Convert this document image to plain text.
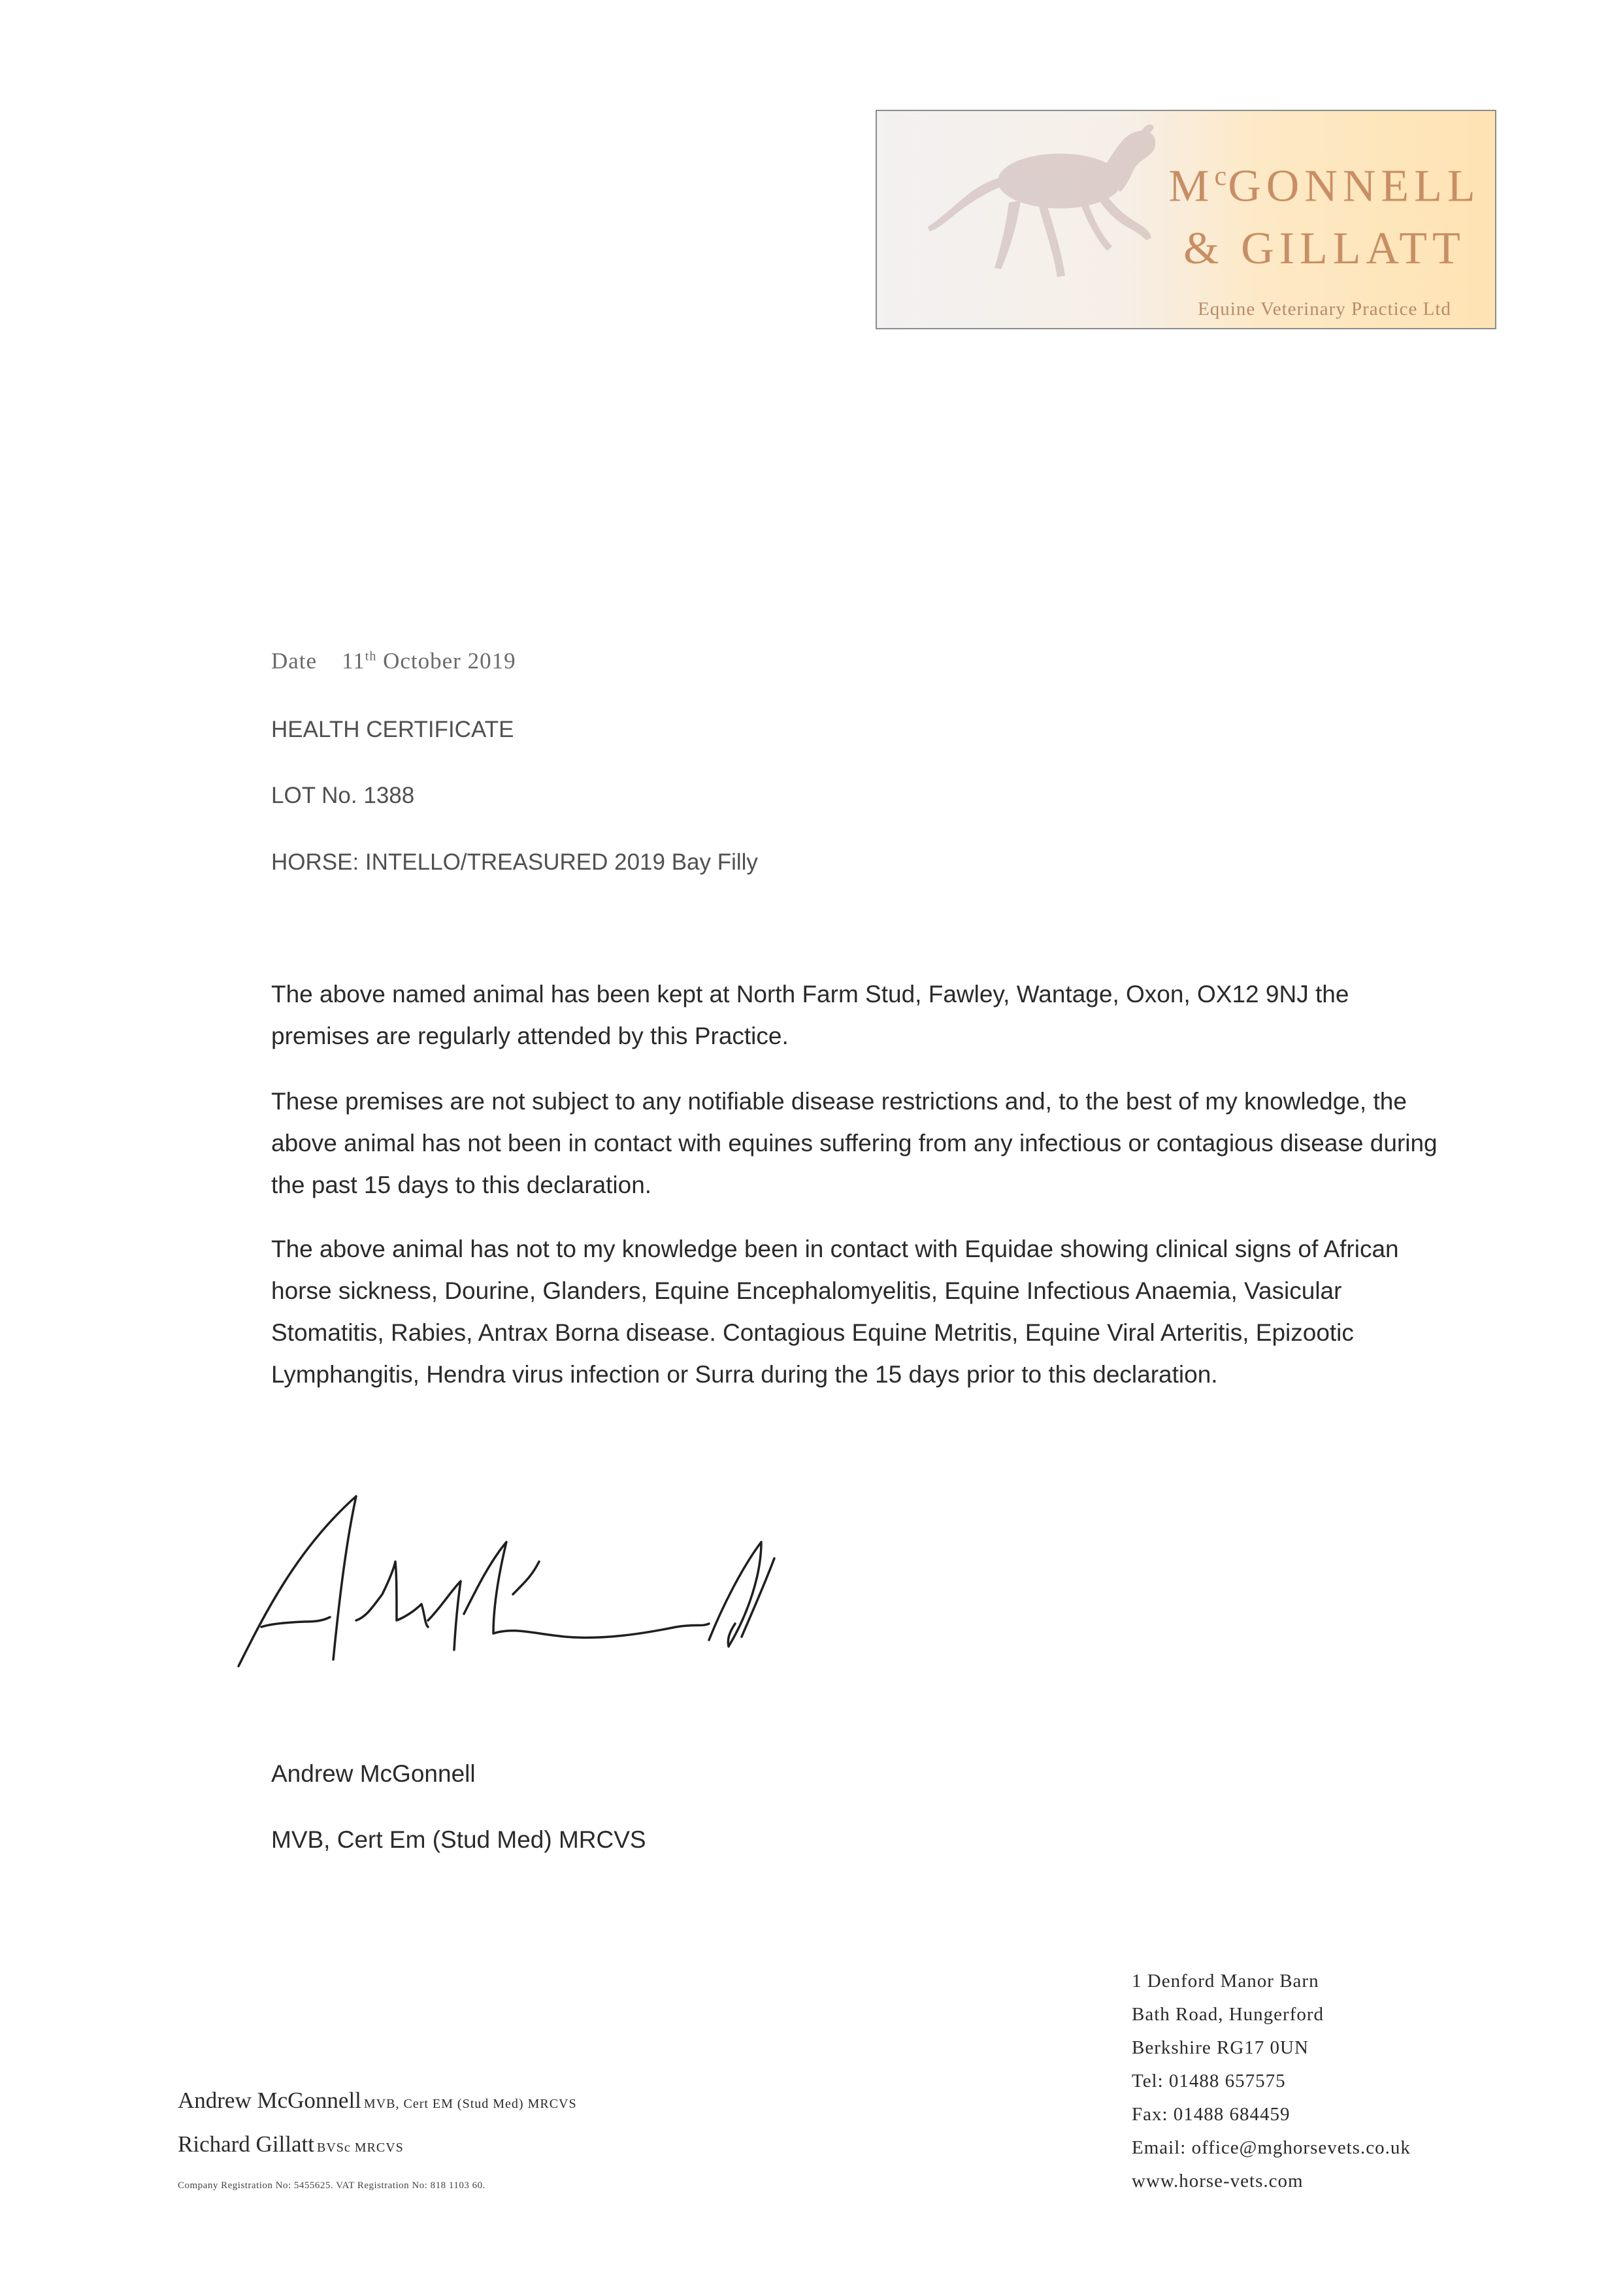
$M^cGONNELL$
& GILLATT
Equine Veterinary Practice Ltd
Date 11th October 2019
HEALTH CERTIFICATE
LOT No. 1388
HORSE: INTELLO/TREASURED 2019 Bay Filly
The above named animal has been kept at North Farm Stud, Fawley, Wantage, Oxon, OX12 9NJ the premises are regularly attended by this Practice.
These premises are not subject to any notifiable disease restrictions and, to the best of my knowledge, the above animal has not been in contact with equines suffering from any infectious or contagious disease during the past 15 days to this declaration.
The above animal has not to my knowledge been in contact with Equidae showing clinical signs of African horse sickness, Dourine, Glanders, Equine Encephalomyelitis, Equine Infectious Anaemia, Vasicular Stomatitis, Rabies, Antrax Borna disease. Contagious Equine Metritis, Equine Viral Arteritis, Epizootic Lymphangitis, Hendra virus infection or Surra during the 15 days prior to this declaration.
Andrew McGonnell
MVB, Cert Em (Stud Med) MRCVS
Andrew McGonnell MVB, Cert EM (Stud Med) MRCVS
Richard Gillatt BVSc MRCVS
Company Registration No: 5455625. VAT Registration No: 818 1103 60.
1 Denford Manor Barn
Bath Road, Hungerford
Berkshire RG17 0UN
Tel: 01488 657575
Fax: 01488 684459
Email: office@mghorsevets.co.uk
www.horse-vets.com
